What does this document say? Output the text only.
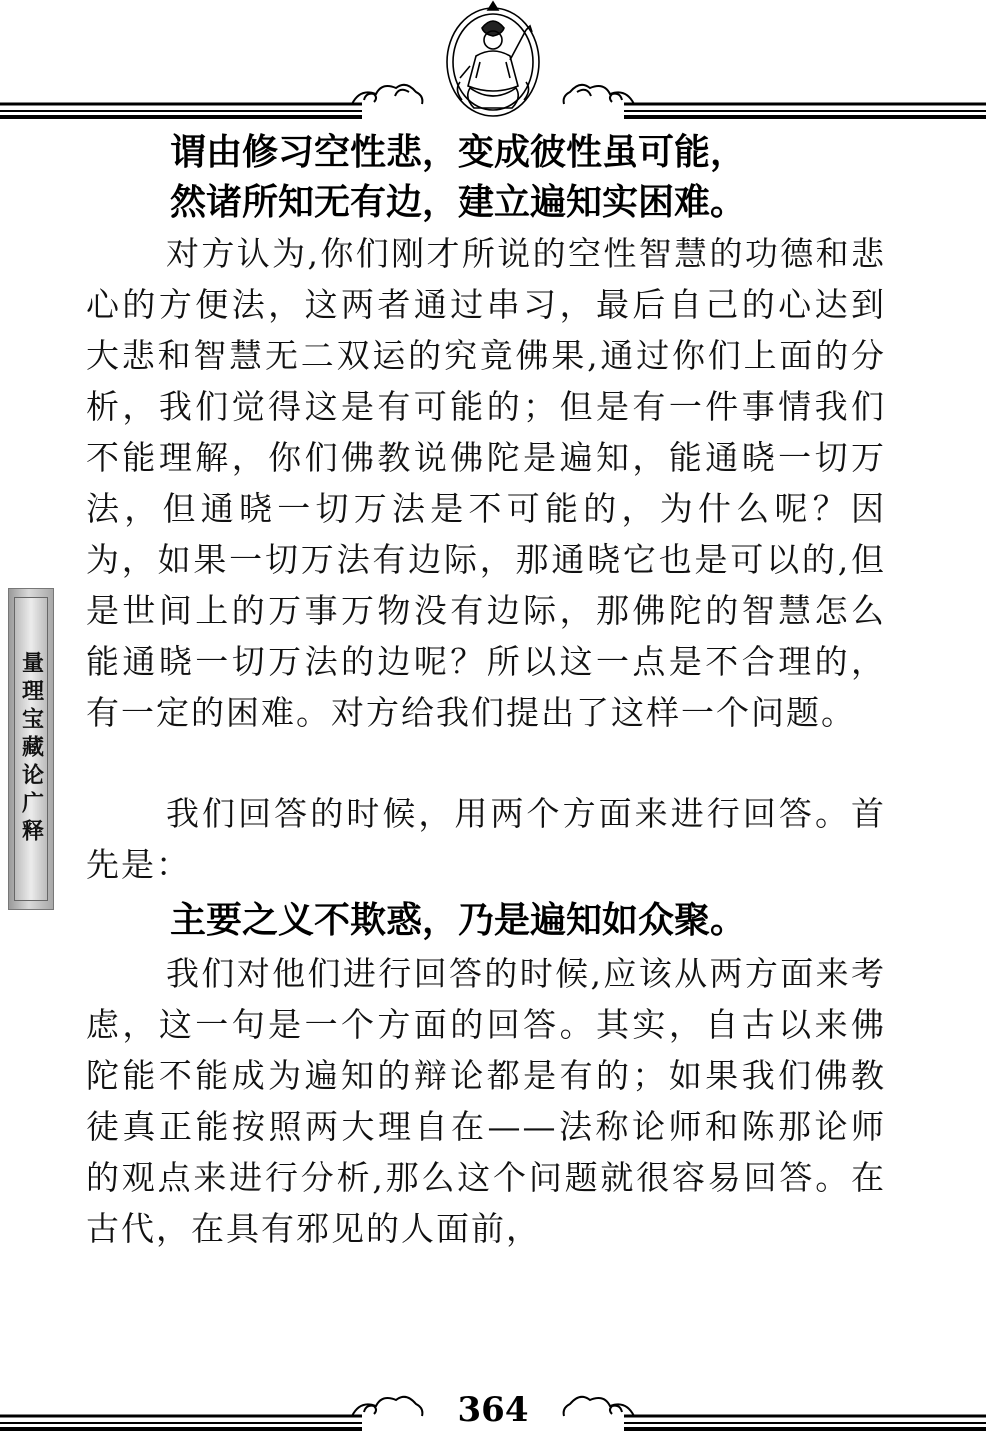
谓由修习空性悲，变成彼性虽可能，
然诸所知无有边，建立遍知实困难。

对方认为,你们刚才所说的空性智慧的功德和悲心的方便法，这两者通过串习，最后自己的心达到大悲和智慧无二双运的究竟佛果,通过你们上面的分析，我们觉得这是有可能的；但是有一件事情我们不能理解，你们佛教说佛陀是遍知，能通晓一切万法，但通晓一切万法是不可能的，为什么呢？因为，如果一切万法有边际，那通晓它也是可以的,但是世间上的万事万物没有边际，那佛陀的智慧怎么能通晓一切万法的边呢？所以这一点是不合理的，有一定的困难。对方给我们提出了这样一个问题。

我们回答的时候，用两个方面来进行回答。首先是：

主要之义不欺惑，乃是遍知如众聚。

我们对他们进行回答的时候,应该从两方面来考虑，这一句是一个方面的回答。其实，自古以来佛陀能不能成为遍知的辩论都是有的；如果我们佛教徒真正能按照两大理自在——法称论师和陈那论师的观点来进行分析,那么这个问题就很容易回答。在古代，在具有邪见的人面前，

量理宝藏论广释
364
